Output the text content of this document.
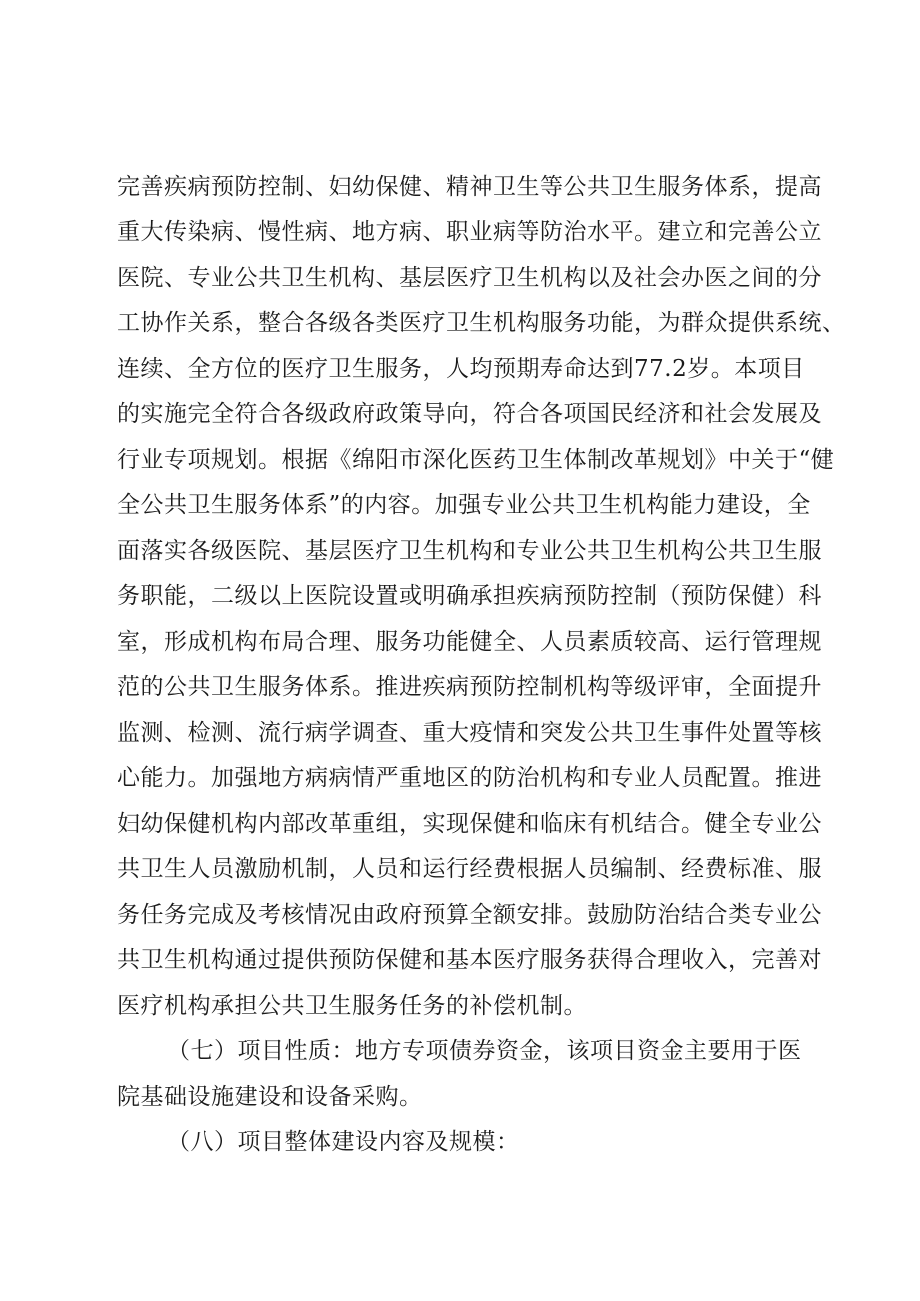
完善疾病预防控制、妇幼保健、精神卫生等公共卫生服务体系，提高
重大传染病、慢性病、地方病、职业病等防治水平。建立和完善公立
医院、专业公共卫生机构、基层医疗卫生机构以及社会办医之间的分
工协作关系，整合各级各类医疗卫生机构服务功能，为群众提供系统、
连续、全方位的医疗卫生服务，人均预期寿命达到77.2岁。本项目
的实施完全符合各级政府政策导向，符合各项国民经济和社会发展及
行业专项规划。根据《绵阳市深化医药卫生体制改革规划》中关于“健
全公共卫生服务体系”的内容。加强专业公共卫生机构能力建设，全
面落实各级医院、基层医疗卫生机构和专业公共卫生机构公共卫生服
务职能，二级以上医院设置或明确承担疾病预防控制（预防保健）科
室，形成机构布局合理、服务功能健全、人员素质较高、运行管理规
范的公共卫生服务体系。推进疾病预防控制机构等级评审，全面提升
监测、检测、流行病学调查、重大疫情和突发公共卫生事件处置等核
心能力。加强地方病病情严重地区的防治机构和专业人员配置。推进
妇幼保健机构内部改革重组，实现保健和临床有机结合。健全专业公
共卫生人员激励机制，人员和运行经费根据人员编制、经费标准、服
务任务完成及考核情况由政府预算全额安排。鼓励防治结合类专业公
共卫生机构通过提供预防保健和基本医疗服务获得合理收入，完善对
医疗机构承担公共卫生服务任务的补偿机制。
（七）项目性质：地方专项债券资金，该项目资金主要用于医
院基础设施建设和设备采购。
（八）项目整体建设内容及规模：
